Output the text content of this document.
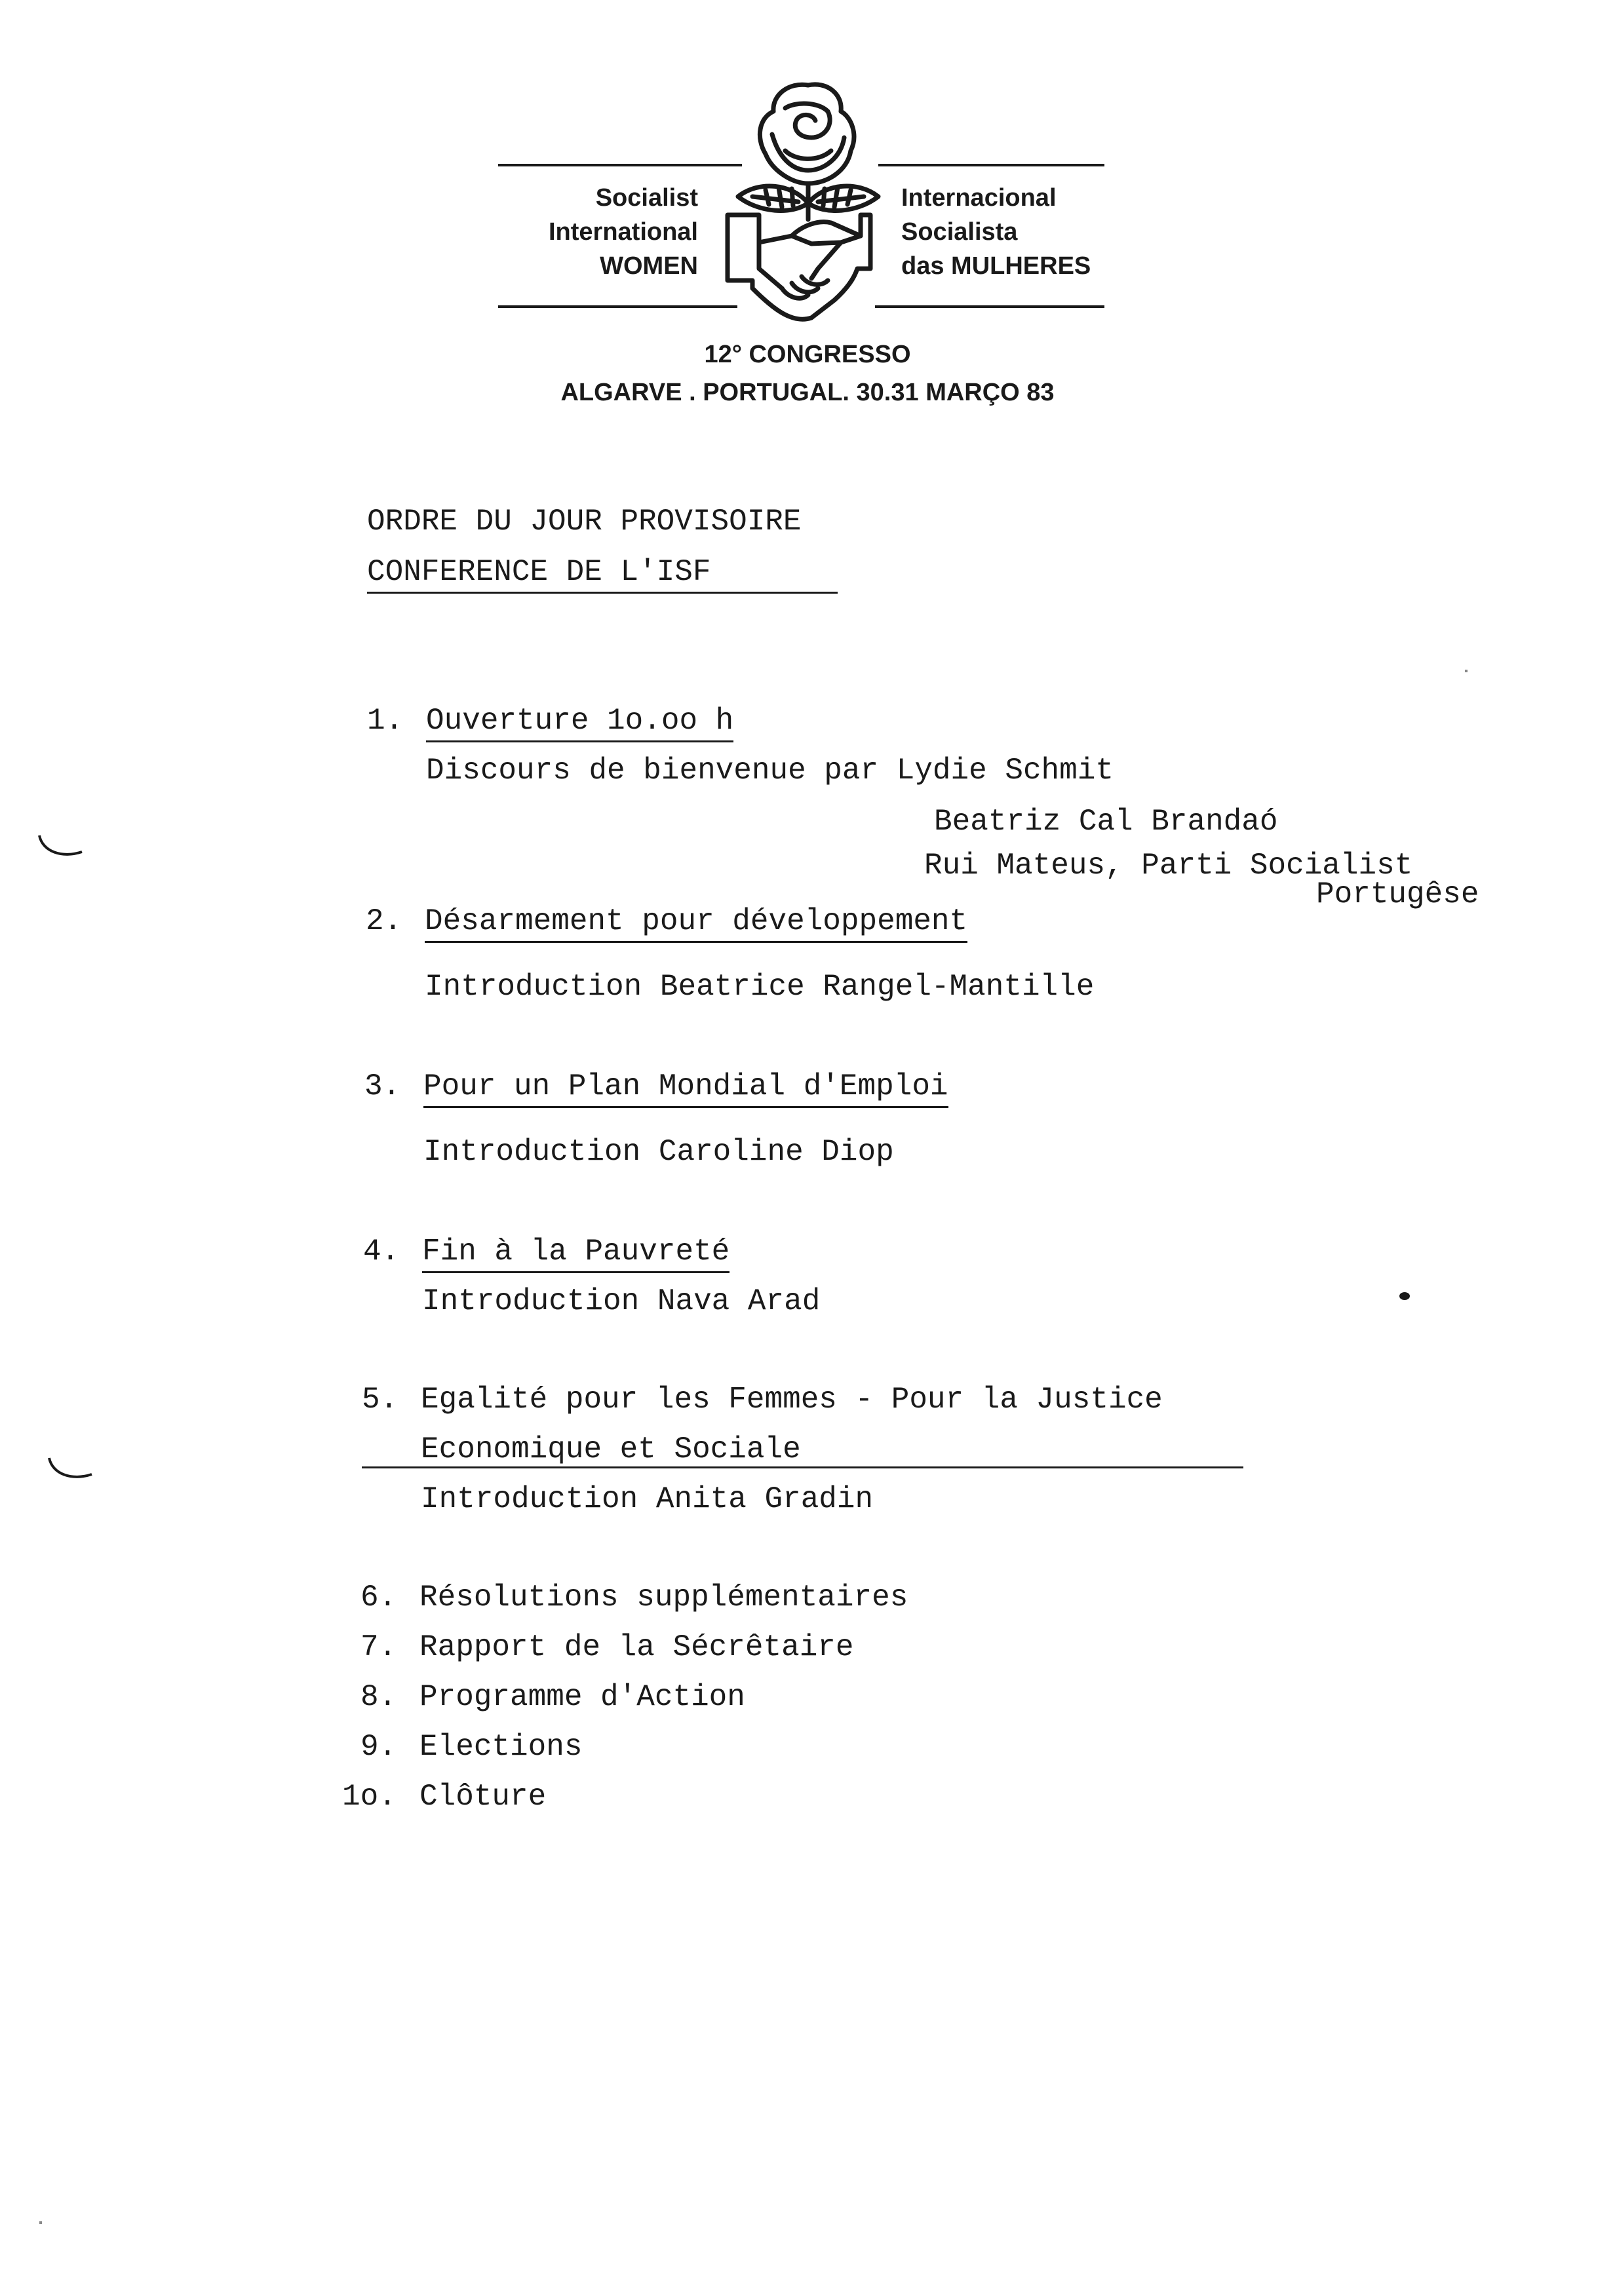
Socialist
International
WOMEN
Internacional
Socialista
das MULHERES
12° CONGRESSO
ALGARVE . PORTUGAL. 30.31 MARÇO 83
ORDRE DU JOUR PROVISOIRE
CONFERENCE DE L'ISF
1. Ouverture 1o.oo h
Discours de bienvenue par Lydie Schmit
Beatriz Cal Brandaó
Rui Mateus, Parti Socialist
Portugêse
2. Désarmement pour développement
Introduction Beatrice Rangel-Mantille
3. Pour un Plan Mondial d'Emploi
Introduction Caroline Diop
4. Fin à la Pauvreté
Introduction Nava Arad
5. Egalité pour les Femmes - Pour la Justice
Economique et Sociale
Introduction Anita Gradin
6. Résolutions supplémentaires
7. Rapport de la Sécrêtaire
8. Programme d'Action
9. Elections
1o. Clôture
